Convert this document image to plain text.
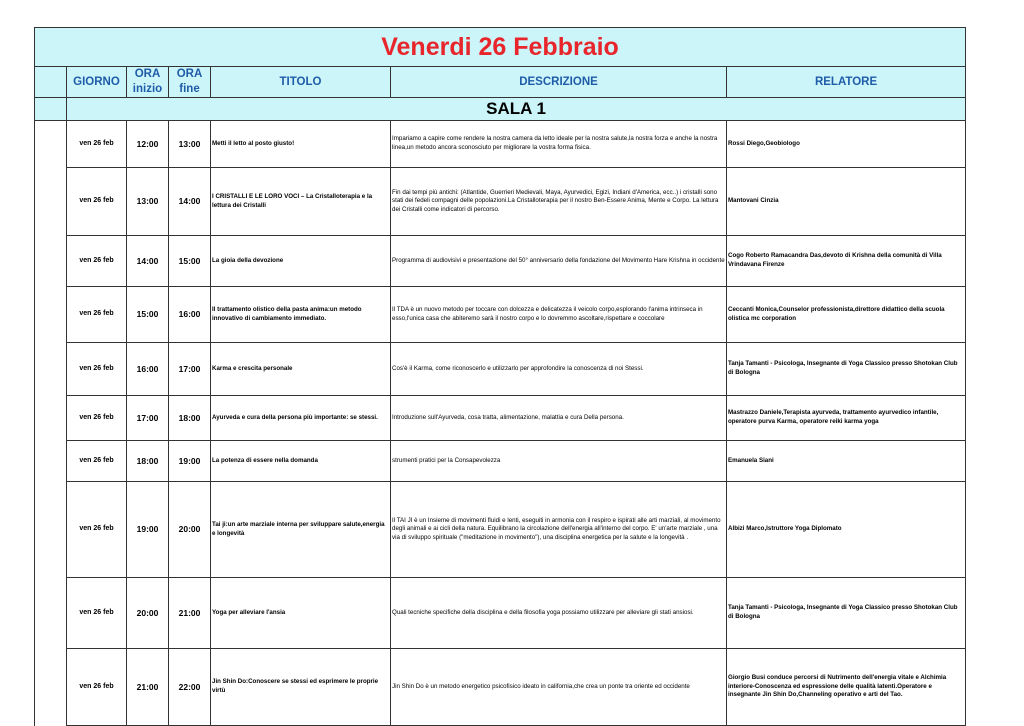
Venerdi 26 Febbraio						
	GIORNO	ORA inizio	ORA fine	TITOLO	DESCRIZIONE	RELATORE
	SALA 1					
	ven 26 feb	12:00	13:00	Metti il letto al posto giusto!	Impariamo a capire come rendere la nostra camera da letto ideale per la nostra salute,la nostra forza e anche la nostra linea,un metodo ancora sconosciuto per migliorare la vostra forma fisica.	Rossi Diego,Geobiologo
	ven 26 feb	13:00	14:00	I CRISTALLI E LE LORO VOCI – La Cristalloterapia e la lettura dei Cristalli	Fin dai tempi più antichi: (Atlantide, Guerrieri Medievali, Maya, Ayurvedici, Egizi, Indiani d'America, ecc..) i cristalli sono stati dei fedeli compagni delle popolazioni.La Cristalloterapia per il nostro Ben-Essere Anima, Mente e Corpo. La lettura dei Cristalli come indicatori di percorso.	Mantovani Cinzia
	ven 26 feb	14:00	15:00	La gioia della devozione	Programma di audiovisivi e presentazione del 50° anniversario della fondazione del Movimento Hare Krishna in occidente	Cogo Roberto Ramacandra Das,devoto di Krishna della comunità di Villa Vrindavana Firenze
	ven 26 feb	15:00	16:00	Il trattamento olistico della pasta anima:un metodo innovativo di cambiamento immediato.	Il TDA è un nuovo metodo per toccare con dolcezza e delicatezza il veicolo corpo,esplorando l'anima intrinseca in esso,l'unica casa che abiteremo sarà il nostro corpo e lo dovremmo ascoltare,rispettare e coccolare	Ceccanti Monica,Counselor professionista,direttore didattico della scuola olistica mc corporation
	ven 26 feb	16:00	17:00	Karma e crescita personale	Cos'è il Karma, come riconoscerlo e utilizzarlo per approfondire la conoscenza di noi Stessi.	Tanja Tamanti - Psicologa, Insegnante di Yoga Classico presso Shotokan Club di Bologna
	ven 26 feb	17:00	18:00	Ayurveda e cura della persona più importante: se stessi.	Introduzione sull'Ayurveda, cosa tratta, alimentazione, malattia e cura Della persona.	Mastrazzo Daniele,Terapista ayurveda, trattamento ayurvedico infantile, operatore purva Karma, operatore reiki karma yoga
	ven 26 feb	18:00	19:00	La potenza di essere nella domanda	strumenti pratici per la Consapevolezza	Emanuela Siani
	ven 26 feb	19:00	20:00	Tai ji:un arte marziale interna per sviluppare salute,energia e longevità	Il TAI JI è un Insieme di movimenti fluidi e lenti, eseguiti in armonia con il respiro e ispirati alle arti marziali, al movimento degli animali e ai cicli della natura. Equilibrano la circolazione dell'energia all'interno del corpo. E' un'arte marziale , una via di sviluppo spirituale ("meditazione in movimento"), una disciplina energetica per la salute e la longevità .	Albizi Marco,Istruttore Yoga Diplomato
	ven 26 feb	20:00	21:00	Yoga per alleviare l'ansia	Quali tecniche specifiche della disciplina e della filosofia yoga possiamo utilizzare per alleviare gli stati ansiosi.	Tanja Tamanti - Psicologa, Insegnante di Yoga Classico presso Shotokan Club di Bologna
	ven 26 feb	21:00	22:00	Jin Shin Do:Conoscere se stessi ed esprimere le proprie virtù	Jin Shin Do è un metodo energetico psicofisico ideato in california,che crea un ponte tra oriente ed occidente	Giorgio Busi conduce percorsi di Nutrimento dell'energia vitale e Alchimia interiore-Conoscenza ed espressione delle qualità latenti.Operatore e insegnante Jin Shin Do,Channeling operativo e arti del Tao.
